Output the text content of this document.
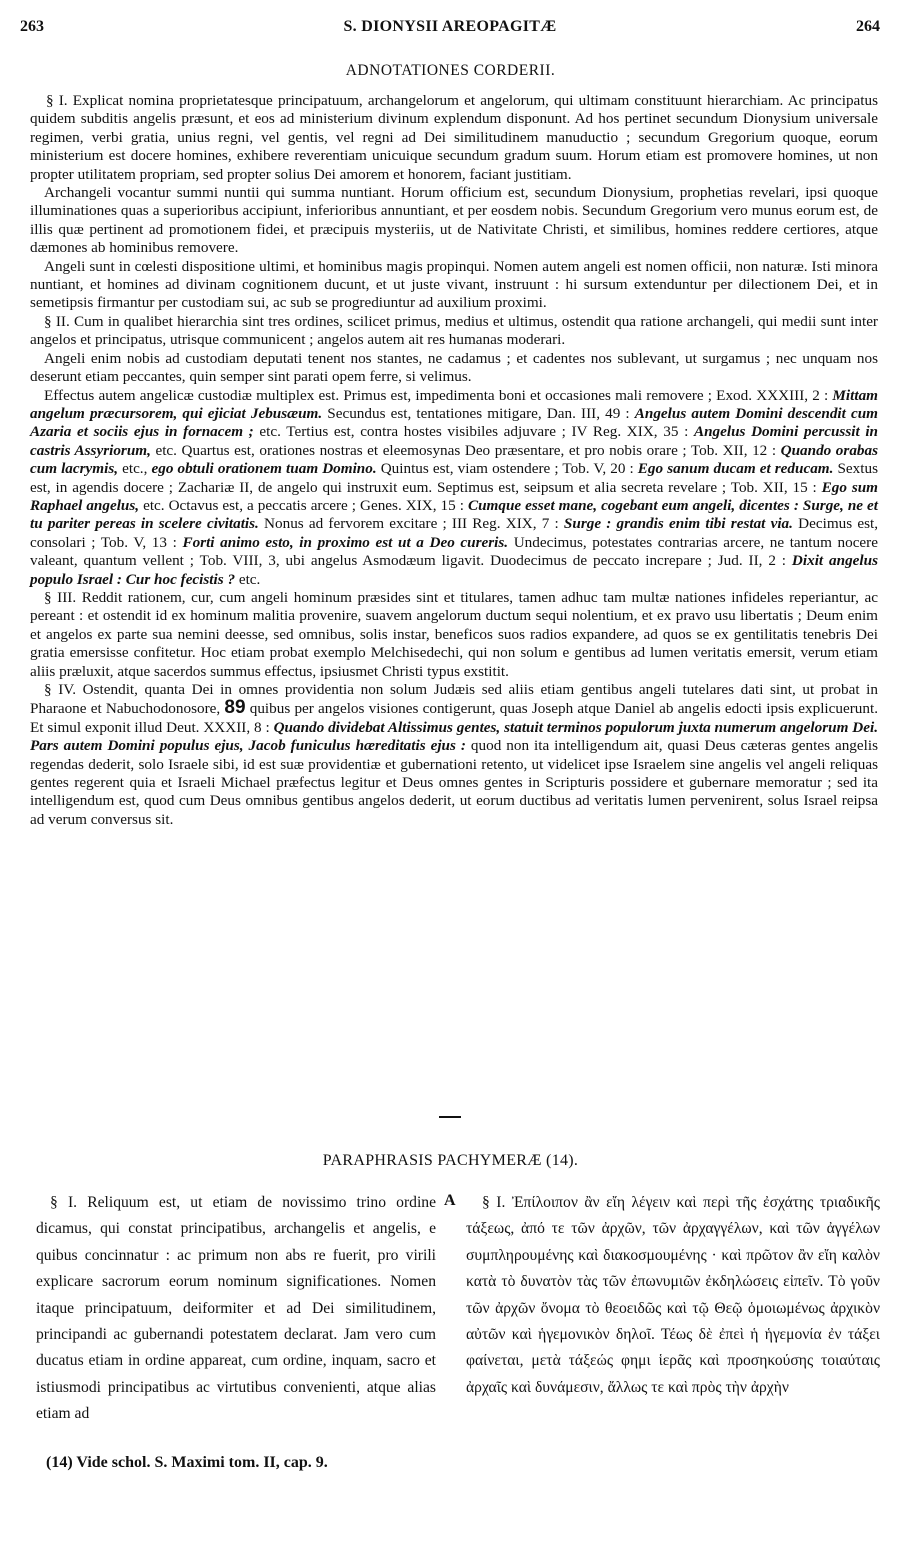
263	S. DIONYSII AREOPAGITÆ	264
ADNOTATIONES CORDERII.

§ I. Explicat nomina proprietatesque principatuum, archangelorum et angelorum, qui ultimam constituunt hierarchiam. Ac principatus quidem subditis angelis præsunt, et eos ad ministerium divinum explendum disponunt. Ad hos pertinet secundum Dionysium universale regimen, verbi gratia, unius regni, vel gentis, vel regni ad Dei similitudinem manuductio ; secundum Gregorium quoque, eorum ministerium est docere homines, exhibere reverentiam unicuique secundum gradum suum. Horum etiam est promovere homines, ut non propter utilitatem propriam, sed propter solius Dei amorem et honorem, faciant justitiam.

Archangeli vocantur summi nuntii qui summa nuntiant. Horum officium est, secundum Dionysium, prophetias revelari, ipsi quoque illuminationes quas a superioribus accipiunt, inferioribus annuntiant, et per eosdem nobis. Secundum Gregorium vero munus eorum est, de illis quæ pertinent ad promotionem fidei, et præcipuis mysteriis, ut de Nativitate Christi, et similibus, homines reddere certiores, atque dæmones ab hominibus removere.

Angeli sunt in cœlesti dispositione ultimi, et hominibus magis propinqui. Nomen autem angeli est nomen officii, non naturæ. Isti minora nuntiant, et homines ad divinam cognitionem ducunt, et ut juste vivant, instruunt : hi sursum extenduntur per dilectionem Dei, et in semetipsis firmantur per custodiam sui, ac sub se progrediuntur ad auxilium proximi.

§ II. Cum in qualibet hierarchia sint tres ordines, scilicet primus, medius et ultimus, ostendit qua ratione archangeli, qui medii sunt inter angelos et principatus, utrisque communicent ; angelos autem ait res humanas moderari.

Angeli enim nobis ad custodiam deputati tenent nos stantes, ne cadamus ; et cadentes nos sublevant, ut surgamus ; nec unquam nos deserunt etiam peccantes, quin semper sint parati opem ferre, si velimus.

Effectus autem angelicæ custodiæ multiplex est. Primus est, impedimenta boni et occasiones mali removere ; Exod. XXXIII, 2 : Mittam angelum præcursorem, qui ejiciat Jebusæum. Secundus est, tentationes mitigare, Dan. III, 49 : Angelus autem Domini descendit cum Azaria et sociis ejus in fornacem ; etc. Tertius est, contra hostes visibiles adjuvare ; IV Reg. XIX, 35 : Angelus Domini percussit in castris Assyriorum, etc. Quartus est, orationes nostras et eleemosynas Deo præsentare, et pro nobis orare ; Tob. XII, 12 : Quando orabas cum lacrymis, etc., ego obtuli orationem tuam Domino. Quintus est, viam ostendere ; Tob. V, 20 : Ego sanum ducam et reducam. Sextus est, in agendis docere ; Zachariæ II, de angelo qui instruxit eum. Septimus est, seipsum et alia secreta revelare ; Tob. XII, 15 : Ego sum Raphael angelus, etc. Octavus est, a peccatis arcere ; Genes. XIX, 15 : Cumque esset mane, cogebant eum angeli, dicentes : Surge, ne et tu pariter pereas in scelere civitatis. Nonus ad fervorem excitare ; III Reg. XIX, 7 : Surge : grandis enim tibi restat via. Decimus est, consolari ; Tob. V, 13 : Forti animo esto, in proximo est ut a Deo cureris. Undecimus, potestates contrarias arcere, ne tantum nocere valeant, quantum vellent ; Tob. VIII, 3, ubi angelus Asmodæum ligavit. Duodecimus de peccato increpare ; Jud. II, 2 : Dixit angelus populo Israel : Cur hoc fecistis ? etc.

§ III. Reddit rationem, cur, cum angeli hominum præsides sint et titulares, tamen adhuc tam multæ nationes infideles reperiantur, ac pereant : et ostendit id ex hominum malitia provenire, suavem angelorum ductum sequi nolentium, et ex pravo usu libertatis ; Deum enim et angelos ex parte sua nemini deesse, sed omnibus, solis instar, beneficos suos radios expandere, ad quos se ex gentilitatis tenebris Dei gratia emersisse confitetur. Hoc etiam probat exemplo Melchisedechi, qui non solum e gentibus ad lumen veritatis emersit, verum etiam aliis præluxit, atque sacerdos summus effectus, ipsiusmet Christi typus exstitit.

§ IV. Ostendit, quanta Dei in omnes providentia non solum Judæis sed aliis etiam gentibus angeli tutelares dati sint, ut probat in Pharaone et Nabuchodonosore, 89 quibus per angelos visiones contigerunt, quas Joseph atque Daniel ab angelis edocti ipsis explicuerunt. Et simul exponit illud Deut. XXXII, 8 : Quando dividebat Altissimus gentes, statuit terminos populorum juxta numerum angelorum Dei. Pars autem Domini populus ejus, Jacob funiculus hæreditatis ejus : quod non ita intelligendum ait, quasi Deus cæteras gentes angelis regendas dederit, solo Israele sibi, id est suæ providentiæ et gubernationi retento, ut videlicet ipse Israelem sine angelis vel angeli reliquas gentes regerent quia et Israeli Michael præfectus legitur et Deus omnes gentes in Scripturis possidere et gubernare memoratur ; sed ita intelligendum est, quod cum Deus omnibus gentibus angelos dederit, ut eorum ductibus ad veritatis lumen pervenirent, solus Israel reipsa ad verum conversus sit.

PARAPHRASIS PACHYMERÆ (14).

§ I. Reliquum est, ut etiam de novissimo trino ordine dicamus, qui constat principatibus, archangelis et angelis, e quibus concinnatur : ac primum non abs re fuerit, pro virili explicare sacrorum eorum nominum significationes. Nomen itaque principatuum, deiformiter et ad Dei similitudinem, principandi ac gubernandi potestatem declarat. Jam vero cum ducatus etiam in ordine appareat, cum ordine, inquam, sacro et istiusmodi principatibus ac virtutibus convenienti, atque alias etiam ad

A	§ I. Ἐπίλοιπον ἂν εἴη λέγειν καὶ περὶ τῆς ἐσχάτης τριαδικῆς τάξεως, ἀπό τε τῶν ἀρχῶν, τῶν ἀρχαγγέλων, καὶ τῶν ἀγγέλων συμπληρουμένης καὶ διακοσμουμένης · καὶ πρῶτον ἂν εἴη καλὸν κατὰ τὸ δυνατὸν τὰς τῶν ἐπωνυμιῶν ἐκδηλώσεις εἰπεῖν. Τὸ γοῦν τῶν ἀρχῶν ὄνομα τὸ θεοειδῶς καὶ τῷ Θεῷ ὁμοιωμένως ἀρχικὸν αὐτῶν καὶ ἡγεμονικὸν δηλοῖ. Τέως δὲ ἐπεὶ ἡ ἡγεμονία ἐν τάξει φαίνεται, μετὰ τάξεώς φημι ἱερᾶς καὶ προσηκούσης τοιαύταις ἀρχαῖς καὶ δυνάμεσιν, ἄλλως τε καὶ πρὸς τὴν ἀρχὴν

(14) Vide schol. S. Maximi tom. II, cap. 9.
